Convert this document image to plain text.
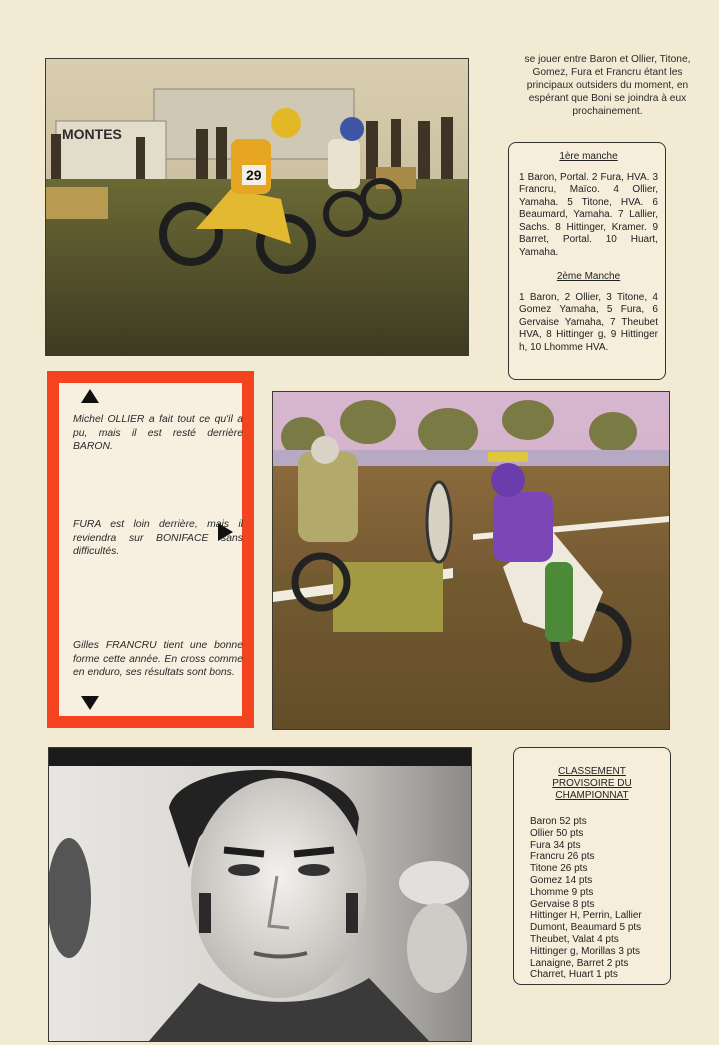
MONTES
29
se jouer entre Baron et Ollier, Titone, Gomez, Fura et Francru étant les principaux outsiders du moment, en espérant que Boni se joindra à eux prochainement.

1ère manche

1 Baron, Portal. 2 Fura, HVA. 3 Francru, Maïco. 4 Ollier, Yamaha. 5 Titone, HVA. 6 Beaumard, Yamaha. 7 Lallier, Sachs. 8 Hittinger, Kramer. 9 Barret, Portal. 10 Huart, Yamaha.

2ème Manche

1 Baron, 2 Ollier, 3 Titone, 4 Gomez Yamaha, 5 Fura, 6 Gervaise Yamaha, 7 Theubet HVA, 8 Hittinger g, 9 Hittinger h, 10 Lhomme HVA.

Michel OLLIER a fait tout ce qu'il a pu, mais il est resté derrière BARON.
FURA est loin derrière, mais il reviendra sur BONIFACE sans difficultés.
Gilles FRANCRU tient une bonne forme cette année. En cross comme en enduro, ses résultats sont bons.
CLASSEMENT
PROVISOIRE DU
CHAMPIONNAT
Baron 52 pts
Ollier 50 pts
Fura 34 pts
Francru 26 pts
Titone 26 pts
Gomez 14 pts
Lhomme 9 pts
Gervaise 8 pts
Hittinger H, Perrin, Lallier
Dumont, Beaumard 5 pts
Theubet, Valat 4 pts
Hittinger g, Morillas 3 pts
Lanaigne, Barret 2 pts
Charret, Huart 1 pts
